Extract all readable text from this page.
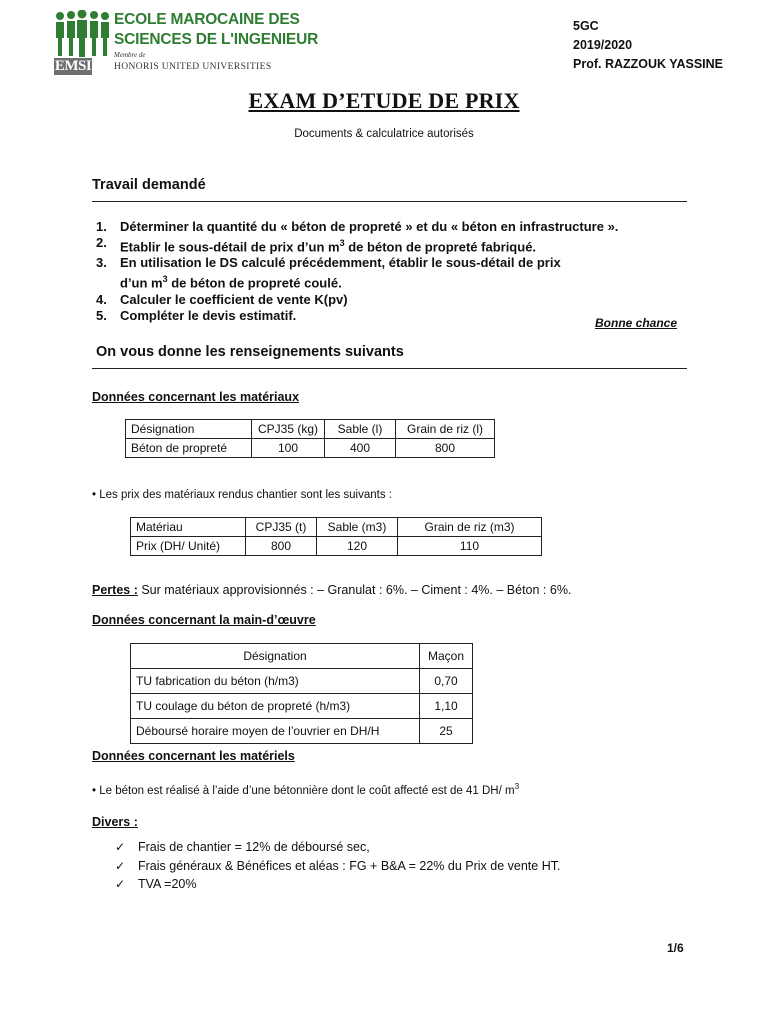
EMSI
ECOLE MAROCAINE DES
SCIENCES DE L'INGENIEUR
Membre de
HONORIS UNITED UNIVERSITIES
5GC
2019/2020
Prof. RAZZOUK YASSINE
EXAM D’ETUDE DE PRIX
Documents & calculatrice autorisés
Travail demandé
1. Déterminer la quantité du « béton de propreté » et du « béton en infrastructure ».
2. Etablir le sous-détail de prix d’un $m^3$ de béton de propreté fabriqué.
3. En utilisation le DS calculé précédemment, établir le sous-détail de prix
d’un $m^3$ de béton de propreté coulé.
4. Calculer le coefficient de vente K(pv)
5. Compléter le devis estimatif.
Bonne chance
On vous donne les renseignements suivants
Données concernant les matériaux
Désignation	CPJ35 (kg)	Sable (l)	Grain de riz (l)
Béton de propreté	100	400	800
• Les prix des matériaux rendus chantier sont les suivants :
Matériau	CPJ35 (t)	Sable (m3)	Grain de riz (m3)
Prix (DH/ Unité)	800	120	110
Pertes : Sur matériaux approvisionnés : – Granulat : 6%. – Ciment : 4%. – Béton : 6%.
Données concernant la main-d’œuvre
Désignation	Maçon
TU fabrication du béton (h/m3)	0,70
TU coulage du béton de propreté (h/m3)	1,10
Déboursé horaire moyen de l’ouvrier en DH/H	25
Données concernant les matériels
• Le béton est réalisé à l’aide d’une bétonnière dont le coût affecté est de 41 DH/ $m^3$
Divers :
✓ Frais de chantier = 12% de déboursé sec,
✓ Frais généraux & Bénéfices et aléas : FG + B&A = 22% du Prix de vente HT.
✓ TVA =20%
1/6
